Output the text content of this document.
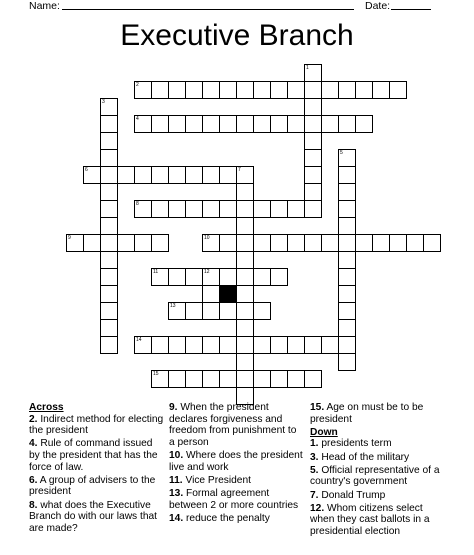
Name:	Date:
Executive Branch
2
4
6
8
9	10
11	12
13
14
15
1
3
5
7
Across
2. Indirect method for electing the president
4. Rule of command issued by the president that has the force of law.
6. A group of advisers to the president
8. what does the Executive Branch do with our laws that are made?
9. When the president declares forgiveness and freedom from punishment to a person
10. Where does the president live and work
11. Vice President
13. Formal agreement between 2 or more countries
14. reduce the penalty
15. Age on must be to be president
Down
1. presidents term
3. Head of the military
5. Official representative of a country's government
7. Donald Trump
12. Whom citizens select when they cast ballots in a presidential election
